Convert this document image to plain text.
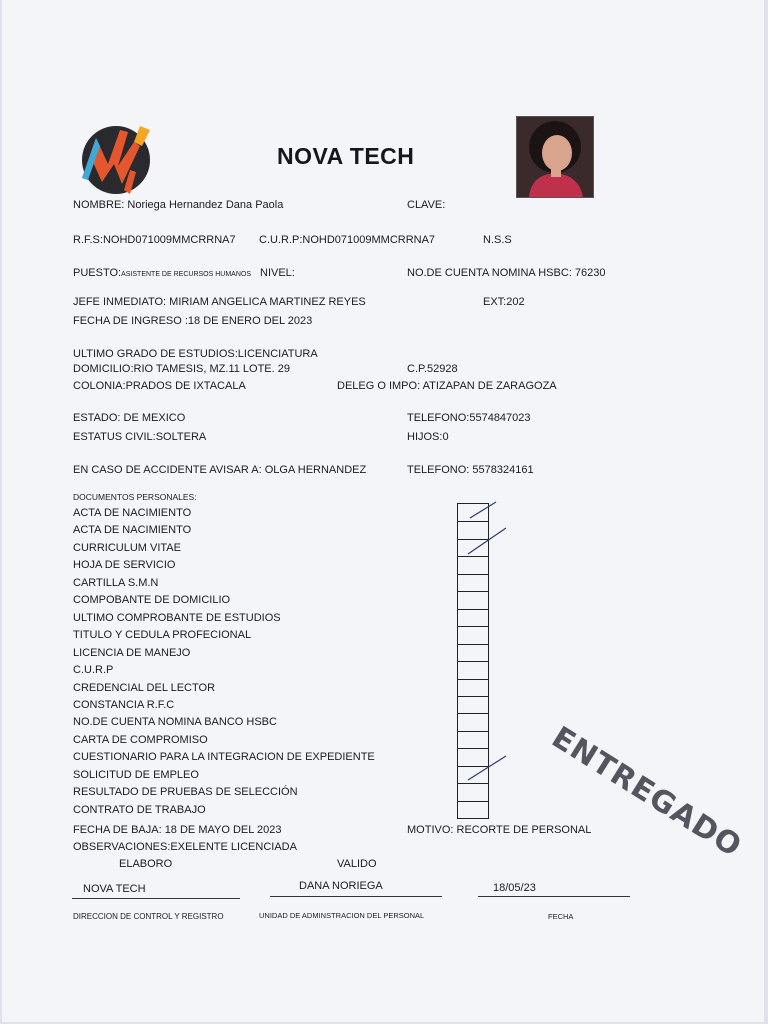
NOVA TECH
NOMBRE: Noriega Hernandez Dana Paola	CLAVE:
R.F.S:NOHD071009MMCRRNA7 C.U.R.P:NOHD071009MMCRRNA7	N.S.S
PUESTO:ASISTENTE DE RECURSOS HUMANOS NIVEL:	NO.DE CUENTA NOMINA HSBC: 76230
JEFE INMEDIATO: MIRIAM ANGELICA MARTINEZ REYES	EXT:202
FECHA DE INGRESO :18 DE ENERO DEL 2023
ULTIMO GRADO DE ESTUDIOS:LICENCIATURA
DOMICILIO:RIO TAMESIS, MZ.11 LOTE. 29	C.P.52928
COLONIA:PRADOS DE IXTACALA	DELEG O IMPO: ATIZAPAN DE ZARAGOZA
ESTADO: DE MEXICO	TELEFONO:5574847023
ESTATUS CIVIL:SOLTERA	HIJOS:0
EN CASO DE ACCIDENTE AVISAR A: OLGA HERNANDEZ	TELEFONO: 5578324161
DOCUMENTOS PERSONALES:
ACTA DE NACIMIENTO
ACTA DE NACIMIENTO
CURRICULUM VITAE
HOJA DE SERVICIO
CARTILLA S.M.N
COMPOBANTE DE DOMICILIO
ULTIMO COMPROBANTE DE ESTUDIOS
TITULO Y CEDULA PROFECIONAL
LICENCIA DE MANEJO
C.U.R.P
CREDENCIAL DEL LECTOR
CONSTANCIA R.F.C
NO.DE CUENTA NOMINA BANCO HSBC
CARTA DE COMPROMISO
CUESTIONARIO PARA LA INTEGRACION DE EXPEDIENTE
SOLICITUD DE EMPLEO
RESULTADO DE PRUEBAS DE SELECCIÓN
CONTRATO DE TRABAJO
FECHA DE BAJA: 18 DE MAYO DEL 2023	MOTIVO: RECORTE DE PERSONAL
OBSERVACIONES:EXELENTE LICENCIADA
ELABORO	VALIDO
NOVA TECH	DANA NORIEGA	18/05/23
DIRECCION DE CONTROL Y REGISTRO	UNIDAD DE ADMINSTRACION DEL PERSONAL	FECHA
ENTREGADO
